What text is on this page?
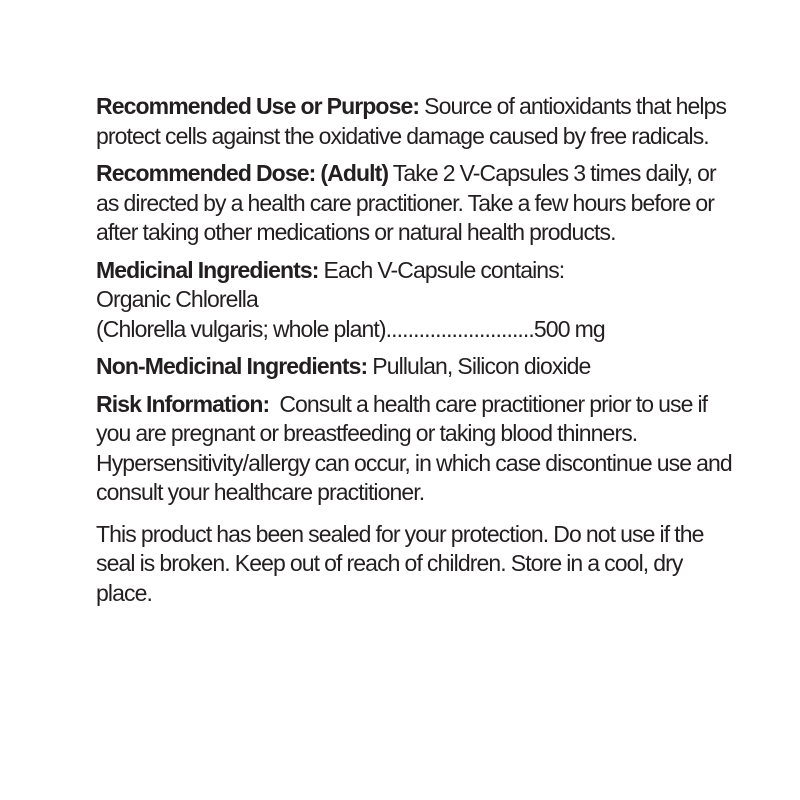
Recommended Use or Purpose: Source of antioxidants that helps protect cells against the oxidative damage caused by free radicals.

Recommended Dose: (Adult) Take 2 V-Capsules 3 times daily, or as directed by a health care practitioner. Take a few hours before or after taking other medications or natural health products.

Medicinal Ingredients: Each V-Capsule contains:
Organic Chlorella
(Chlorella vulgaris; whole plant)...........................500 mg

Non-Medicinal Ingredients: Pullulan, Silicon dioxide

Risk Information: Consult a health care practitioner prior to use if you are pregnant or breastfeeding or taking blood thinners. Hypersensitivity/allergy can occur, in which case discontinue use and consult your healthcare practitioner.

This product has been sealed for your protection. Do not use if the seal is broken. Keep out of reach of children. Store in a cool, dry place.
